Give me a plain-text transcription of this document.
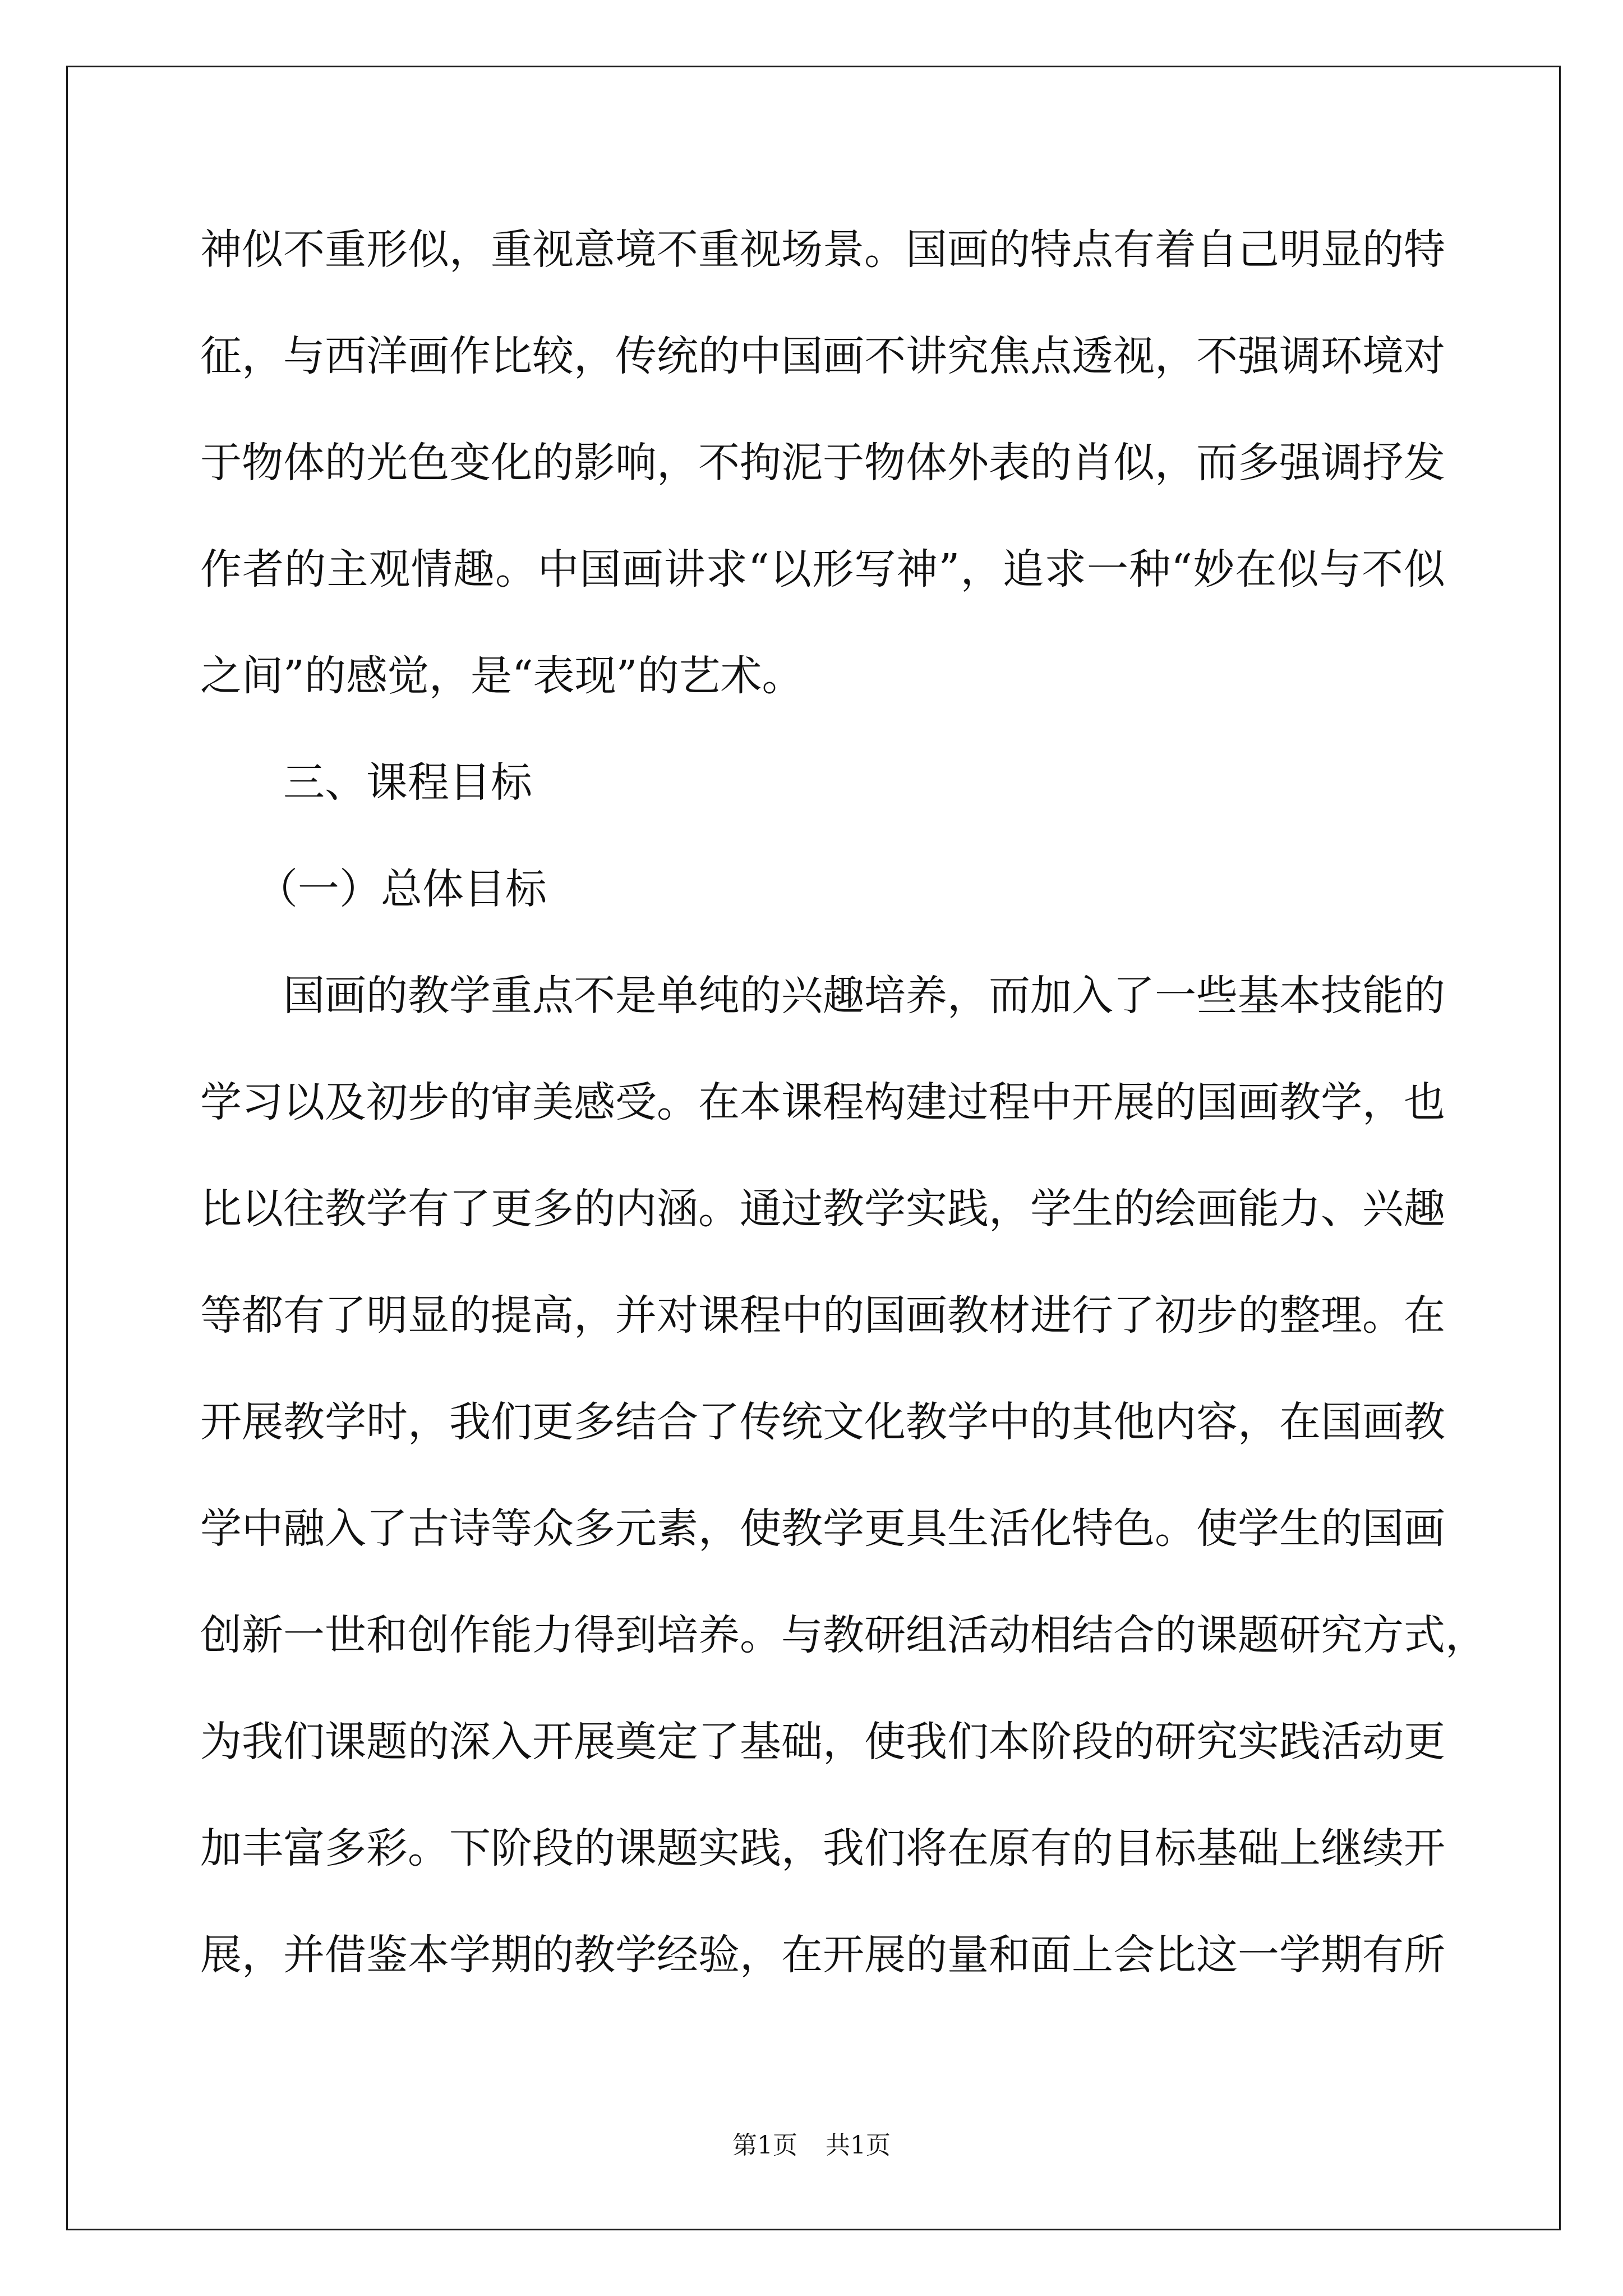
神似不重形似，重视意境不重视场景。国画的特点有着自己明显的特
征，与西洋画作比较，传统的中国画不讲究焦点透视，不强调环境对
于物体的光色变化的影响，不拘泥于物体外表的肖似，而多强调抒发
作者的主观情趣。中国画讲求“以形写神”，追求一种“妙在似与不似
之间”的感觉，是“表现”的艺术。
三、课程目标
（一）总体目标
国画的教学重点不是单纯的兴趣培养，而加入了一些基本技能的
学习以及初步的审美感受。在本课程构建过程中开展的国画教学，也
比以往教学有了更多的内涵。通过教学实践，学生的绘画能力、兴趣
等都有了明显的提高，并对课程中的国画教材进行了初步的整理。在
开展教学时，我们更多结合了传统文化教学中的其他内容，在国画教
学中融入了古诗等众多元素，使教学更具生活化特色。使学生的国画
创新一世和创作能力得到培养。与教研组活动相结合的课题研究方式，
为我们课题的深入开展奠定了基础，使我们本阶段的研究实践活动更
加丰富多彩。下阶段的课题实践，我们将在原有的目标基础上继续开
展，并借鉴本学期的教学经验，在开展的量和面上会比这一学期有所
第1页 共1页
